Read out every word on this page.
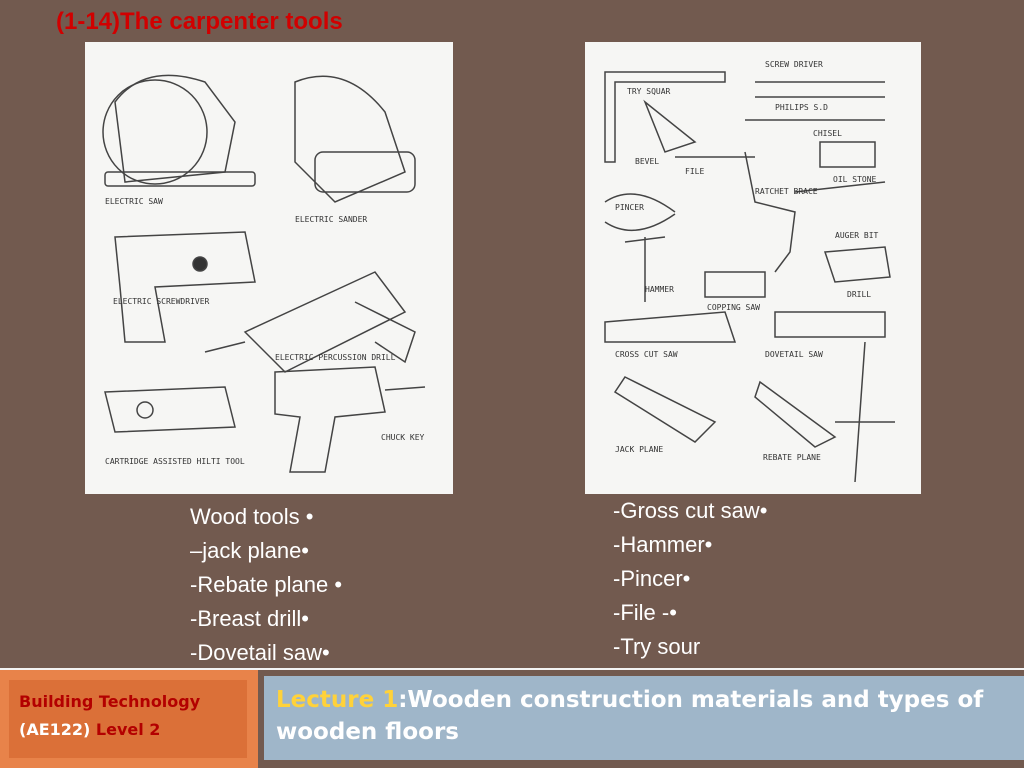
(1-14)The carpenter tools
ELECTRIC SAW
ELECTRIC SANDER
ELECTRIC SCREWDRIVER
ELECTRIC PERCUSSION DRILL
CHUCK KEY
CARTRIDGE ASSISTED HILTI TOOL
TRY SQUAR
SCREW DRIVER
PHILIPS S.D
CHISEL
BEVEL
FILE
OIL STONE
PINCER
RATCHET BRACE
AUGER BIT
HAMMER
COPPING SAW
DRILL
CROSS CUT SAW	DOVETAIL SAW
JACK PLANE
REBATE PLANE
Wood tools •
–jack plane•
-Rebate plane •
-Breast drill•
-Dovetail saw•
-Gross cut saw•
-Hammer•
-Pincer•
-File -•
-Try sour
Building Technology
(AE122) Level 2
Lecture 1:Wooden construction materials and types of wooden floors
